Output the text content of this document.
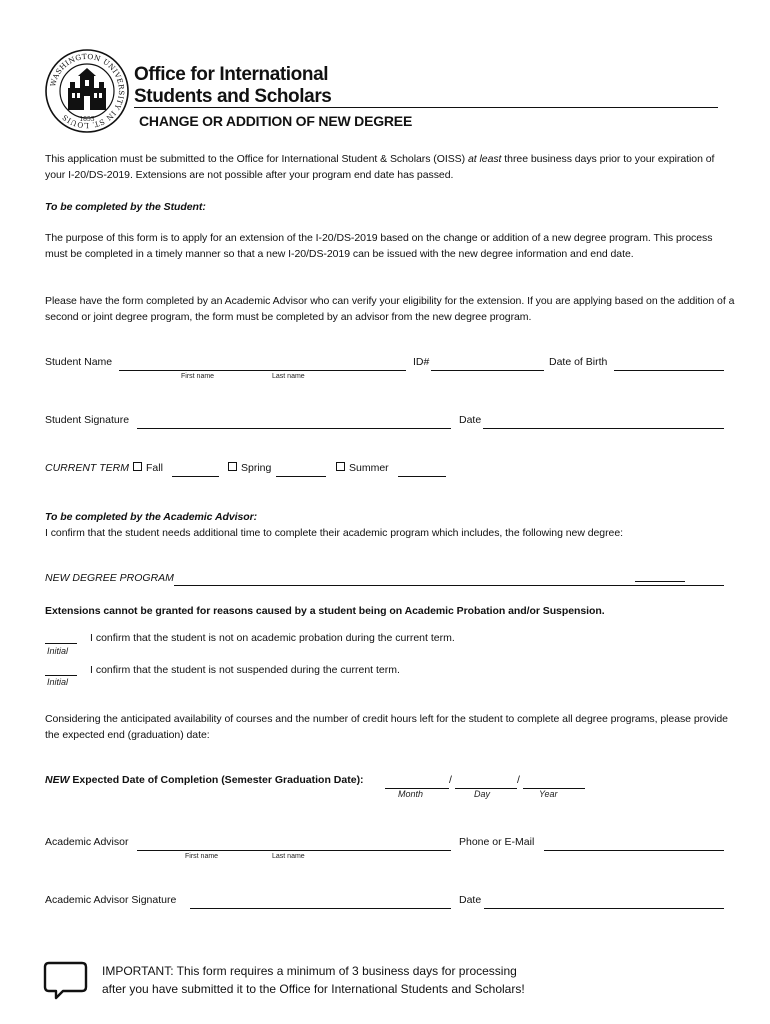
WASHINGTON UNIVERSITY IN ST. LOUIS	1853
Office for International
Students and Scholars
CHANGE OR ADDITION OF NEW DEGREE
This application must be submitted to the Office for International Student & Scholars (OISS) at least three business days prior to your expiration of your I-20/DS-2019. Extensions are not possible after your program end date has passed.
To be completed by the Student:
The purpose of this form is to apply for an extension of the I-20/DS-2019 based on the change or addition of a new degree program. This process must be completed in a timely manner so that a new I-20/DS-2019 can be issued with the new degree information and end date.
Please have the form completed by an Academic Advisor who can verify your eligibility for the extension. If you are applying based on the addition of a second or joint degree program, the form must be completed by an advisor from the new degree program.
Student Name
First name	Last name
ID#	Date of Birth
Student Signature	Date
CURRENT TERM	Fall	Spring	Summer
To be completed by the Academic Advisor:
I confirm that the student needs additional time to complete their academic program which includes, the following new degree:
NEW DEGREE PROGRAM
Extensions cannot be granted for reasons caused by a student being on Academic Probation and/or Suspension.
Initial
I confirm that the student is not on academic probation during the current term.
Initial
I confirm that the student is not suspended during the current term.
Considering the anticipated availability of courses and the number of credit hours left for the student to complete all degree programs, please provide the expected end (graduation) date:
NEW Expected Date of Completion (Semester Graduation Date):	/	/
Month	Day	Year
Academic Advisor
First name	Last name
Phone or E-Mail
Academic Advisor Signature	Date
IMPORTANT: This form requires a minimum of 3 business days for processing
after you have submitted it to the Office for International Students and Scholars!
